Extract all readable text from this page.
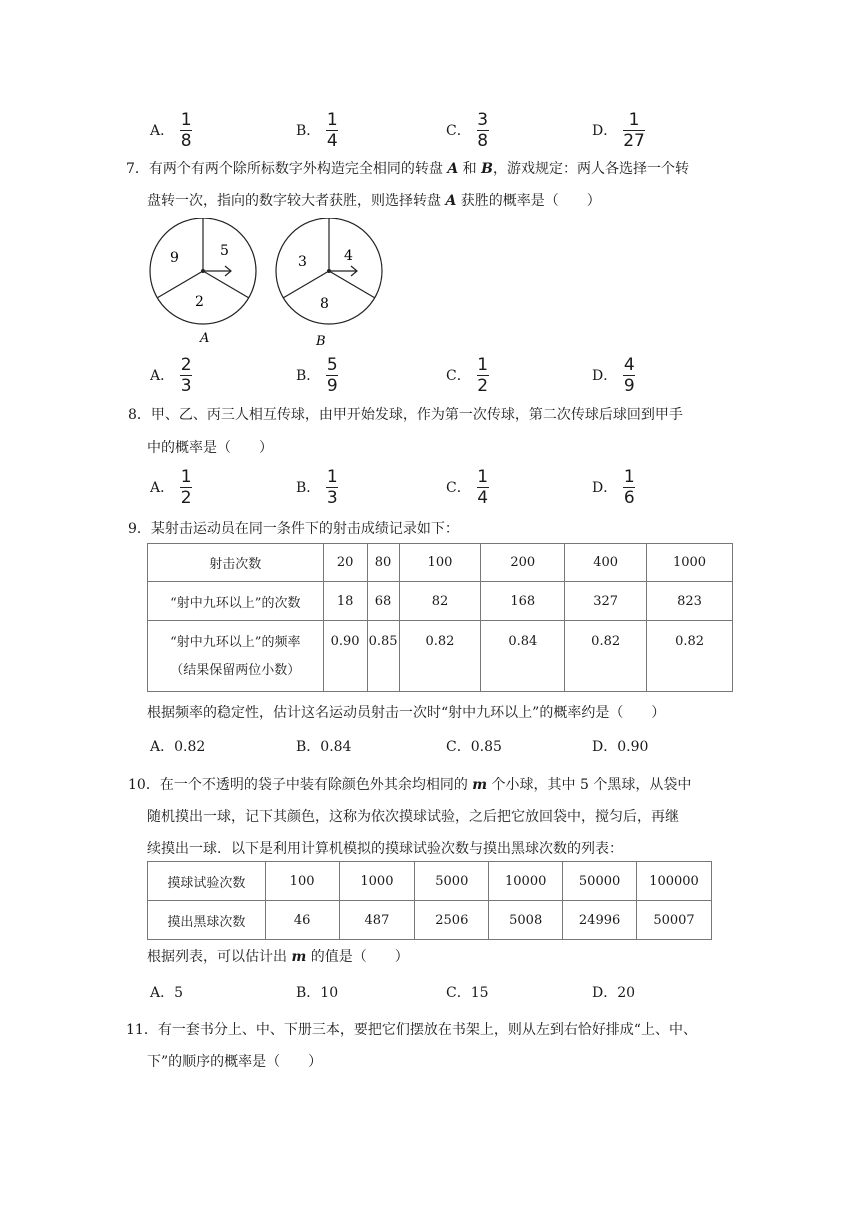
A． $\frac{1}{8}$	B． $\frac{1}{4}$	C． $\frac{3}{8}$	D． $\frac{1}{27}$
7．有两个有两个除所标数字外构造完全相同的转盘 A 和 B，游戏规定：两人各选择一个转
盘转一次，指向的数字较大者获胜，则选择转盘 A 获胜的概率是（　　）
9	5
2
3	4
8
A	B
A． $\frac{2}{3}$	B． $\frac{5}{9}$	C． $\frac{1}{2}$	D． $\frac{4}{9}$
8．甲、乙、丙三人相互传球，由甲开始发球，作为第一次传球，第二次传球后球回到甲手
中的概率是（　　）
A． $\frac{1}{2}$	B． $\frac{1}{3}$	C． $\frac{1}{4}$	D． $\frac{1}{6}$
9．某射击运动员在同一条件下的射击成绩记录如下：
射击次数	20	80	100	200	400	1000
“射中九环以上”的次数	18	68	82	168	327	823

“射中九环以上”的频率
（结果保留两位小数）	0.90	0.85	0.82	0.84	0.82	0.82
根据频率的稳定性，估计这名运动员射击一次时“射中九环以上”的概率约是（　　）
A．0.82	B．0.84	C．0.85	D．0.90
10．在一个不透明的袋子中装有除颜色外其余均相同的 m 个小球，其中 5 个黑球，从袋中
随机摸出一球，记下其颜色，这称为依次摸球试验，之后把它放回袋中，搅匀后，再继
续摸出一球．以下是利用计算机模拟的摸球试验次数与摸出黑球次数的列表：
摸球试验次数	100	1000	5000	10000	50000	100000
摸出黑球次数	46	487	2506	5008	24996	50007
根据列表，可以估计出 m 的值是（　　）
A．5	B．10	C．15	D．20
11．有一套书分上、中、下册三本，要把它们摆放在书架上，则从左到右恰好排成“上、中、
下”的顺序的概率是（　　）
